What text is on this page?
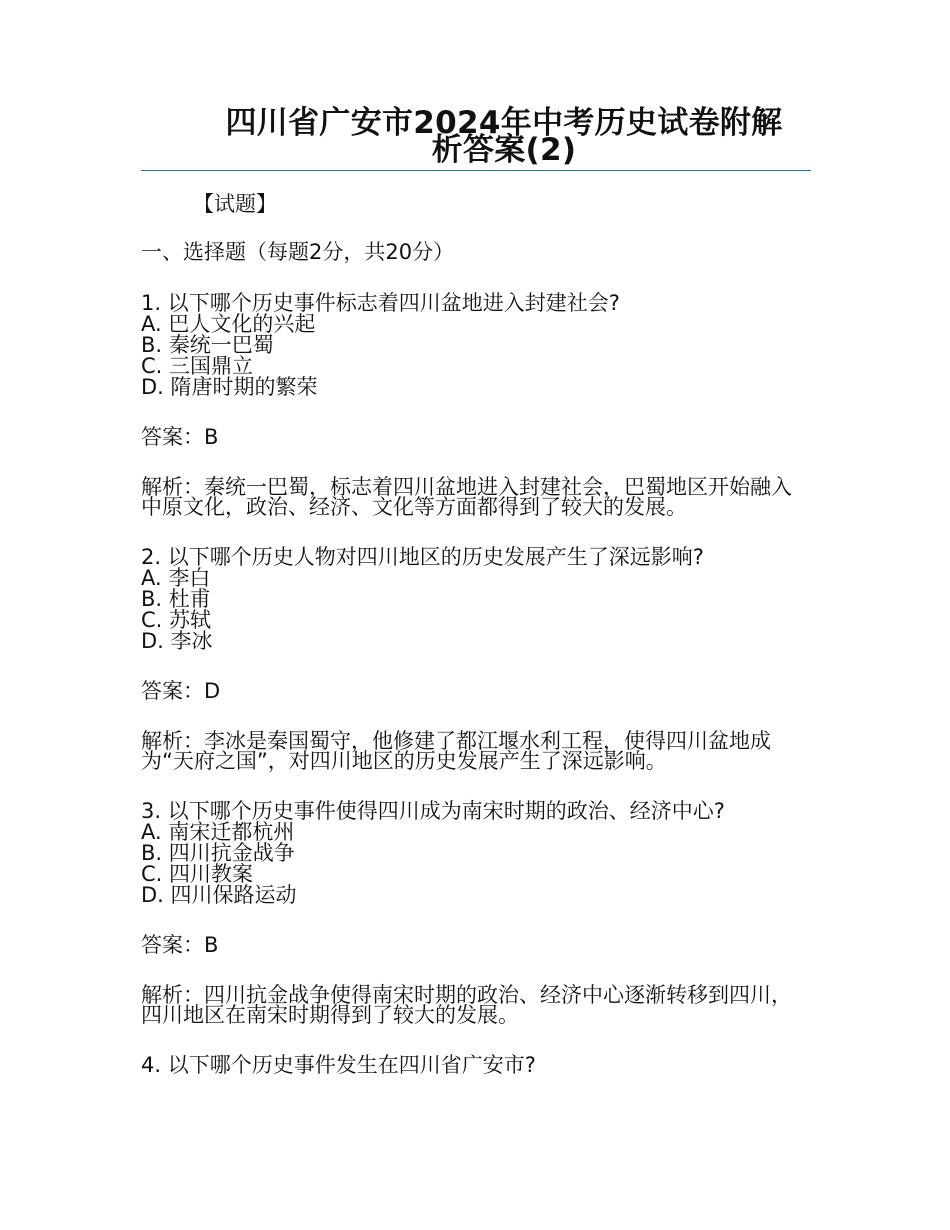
四川省广安市2024年中考历史试卷附解
析答案(2)
【试题】
一、选择题（每题2分，共20分）

1. 以下哪个历史事件标志着四川盆地进入封建社会?

A. 巴人文化的兴起

B. 秦统一巴蜀

C. 三国鼎立

D. 隋唐时期的繁荣

答案：B
解析：秦统一巴蜀，标志着四川盆地进入封建社会，巴蜀地区开始融入中原文化，政治、经济、文化等方面都得到了较大的发展。

2. 以下哪个历史人物对四川地区的历史发展产生了深远影响?

A. 李白

B. 杜甫

C. 苏轼

D. 李冰

答案：D
解析：李冰是秦国蜀守，他修建了都江堰水利工程，使得四川盆地成为“天府之国”，对四川地区的历史发展产生了深远影响。

3. 以下哪个历史事件使得四川成为南宋时期的政治、经济中心?

A. 南宋迁都杭州

B. 四川抗金战争

C. 四川教案

D. 四川保路运动

答案：B
解析：四川抗金战争使得南宋时期的政治、经济中心逐渐转移到四川，四川地区在南宋时期得到了较大的发展。

4. 以下哪个历史事件发生在四川省广安市?
